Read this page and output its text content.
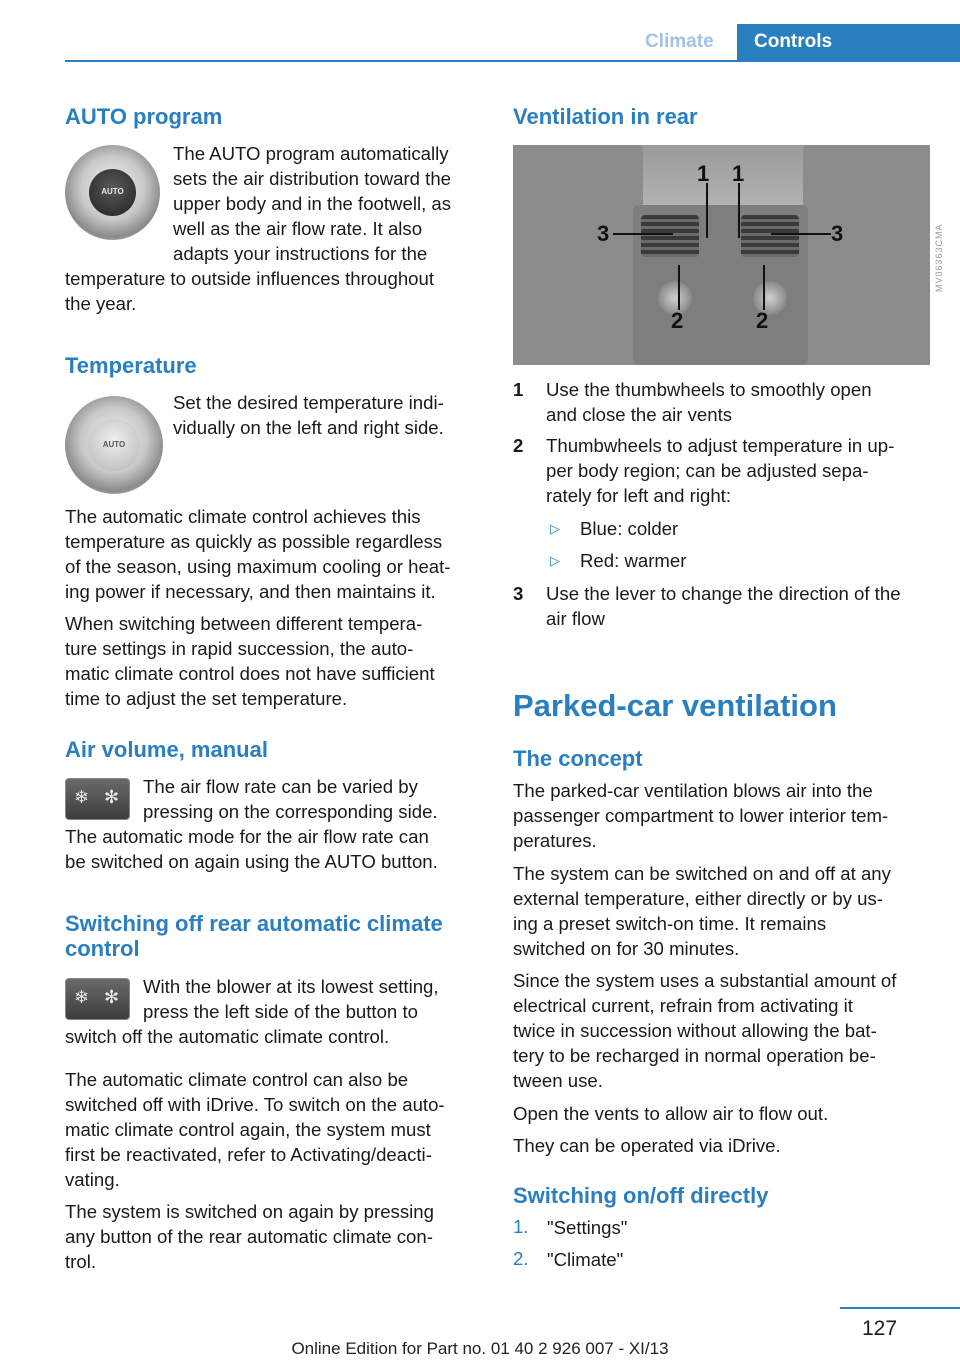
Climate Controls
AUTO program
AUTO
The AUTO program automatically
sets the air distribution toward the
upper body and in the footwell, as
well as the air flow rate. It also
adapts your instructions for the
temperature to outside influences throughout
the year.
Temperature
AUTO
Set the desired temperature indi-
vidually on the left and right side.
The automatic climate control achieves this
temperature as quickly as possible regardless
of the season, using maximum cooling or heat-
ing power if necessary, and then maintains it.
When switching between different tempera-
ture settings in rapid succession, the auto-
matic climate control does not have sufficient
time to adjust the set temperature.
Air volume, manual
❄ ✻ The air flow rate can be varied by
pressing on the corresponding side.
The automatic mode for the air flow rate can
be switched on again using the AUTO button.
Switching off rear automatic climate
control
❄ ✻ With the blower at its lowest setting,
press the left side of the button to
switch off the automatic climate control.
The automatic climate control can also be
switched off with iDrive. To switch on the auto-
matic climate control again, the system must
first be reactivated, refer to Activating/deacti-
vating.
The system is switched on again by pressing
any button of the rear automatic climate con-
trol.
Ventilation in rear
1 1
3	3
2	2
MV06363CMA
1 Use the thumbwheels to smoothly open
and close the air vents
2 Thumbwheels to adjust temperature in up-
per body region; can be adjusted sepa-
rately for left and right:
▷ Blue: colder
▷ Red: warmer
3 Use the lever to change the direction of the
air flow
Parked-car ventilation
The concept
The parked-car ventilation blows air into the
passenger compartment to lower interior tem-
peratures.
The system can be switched on and off at any
external temperature, either directly or by us-
ing a preset switch-on time. It remains
switched on for 30 minutes.
Since the system uses a substantial amount of
electrical current, refrain from activating it
twice in succession without allowing the bat-
tery to be recharged in normal operation be-
tween use.
Open the vents to allow air to flow out.
They can be operated via iDrive.
Switching on/off directly
1. "Settings"
2. "Climate"
127
Online Edition for Part no. 01 40 2 926 007 - XI/13
